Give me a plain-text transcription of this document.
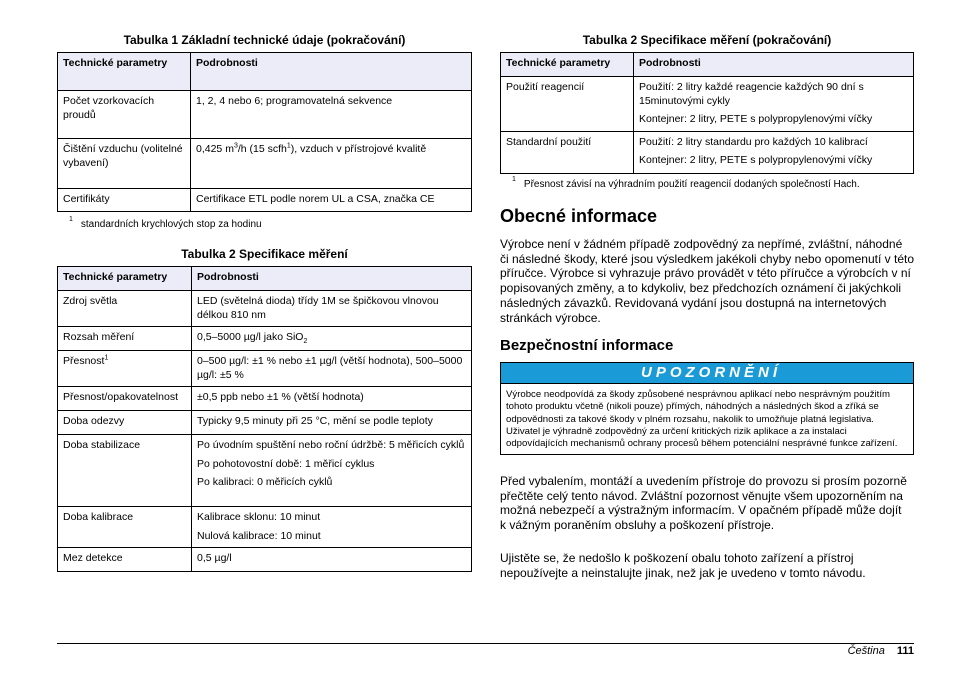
Tabulka 1 Základní technické údaje (pokračování)
Technické parametry	Podrobnosti
Počet vzorkovacích proudů	1, 2, 4 nebo 6; programovatelná sekvence
Čištění vzduchu (volitelné vybavení)	0,425 $m^3/h$ (15 scfh$^1$), vzduch v přístrojové kvalitě
Certifikáty	Certifikace ETL podle norem UL a CSA, značka CE
$^1$ standardních krychlových stop za hodinu
Tabulka 2 Specifikace měření
Technické parametry	Podrobnosti
Zdroj světla	LED (světelná dioda) třídy 1M se špičkovou vlnovou délkou 810 nm
Rozsah měření	0,5–5000 µg/l jako SiO$_2$
Přesnost$^1$	0–500 µg/l: ±1 % nebo ±1 µg/l (větší hodnota), 500–5000 µg/l: ±5 %
Přesnost/opakovatelnost	±0,5 ppb nebo ±1 % (větší hodnota)
Doba odezvy	Typicky 9,5 minuty při 25 °C, mění se podle teploty
Doba stabilizace	Po úvodním spuštění nebo roční údržbě: 5 měřicích cyklů

Po pohotovostní době: 1 měřicí cyklus

Po kalibraci: 0 měřicích cyklů

Doba kalibrace	Kalibrace sklonu: 10 minut

Nulová kalibrace: 10 minut

Mez detekce	0,5 µg/l
Tabulka 2 Specifikace měření (pokračování)
Technické parametry	Podrobnosti
Použití reagencií	Použití: 2 litry každé reagencie každých 90 dní s 15minutovými cykly

Kontejner: 2 litry, PETE s polypropylenovými víčky

Standardní použití	Použití: 2 litry standardu pro každých 10 kalibrací

Kontejner: 2 litry, PETE s polypropylenovými víčky

$^1$ Přesnost závisí na výhradním použití reagencií dodaných společností Hach.
Obecné informace

Výrobce není v žádném případě zodpovědný za nepřímé, zvláštní, náhodné či následné škody, které jsou výsledkem jakékoli chyby nebo opomenutí v této příručce. Výrobce si vyhrazuje právo provádět v této příručce a výrobcích v ní popisovaných změny, a to kdykoliv, bez předchozích oznámení či jakýchkoli následných závazků. Revidovaná vydání jsou dostupná na internetových stránkách výrobce.

Bezpečnostní informace
UPOZORNĚNÍ
Výrobce neodpovídá za škody způsobené nesprávnou aplikací nebo nesprávným použitím tohoto produktu včetně (nikoli pouze) přímých, náhodných a následných škod a zříká se odpovědnosti za takové škody v plném rozsahu, nakolik to umožňuje platná legislativa. Uživatel je výhradně zodpovědný za určení kritických rizik aplikace a za instalaci odpovídajících mechanismů ochrany procesů během potenciální nesprávné funkce zařízení.

Před vybalením, montáží a uvedením přístroje do provozu si prosím pozorně přečtěte celý tento návod. Zvláštní pozornost věnujte všem upozorněním na možná nebezpečí a výstražným informacím. V opačném případě může dojít k vážným poraněním obsluhy a poškození přístroje.

Ujistěte se, že nedošlo k poškození obalu tohoto zařízení a přístroj nepoužívejte a neinstalujte jinak, než jak je uvedeno v tomto návodu.

Čeština 111
